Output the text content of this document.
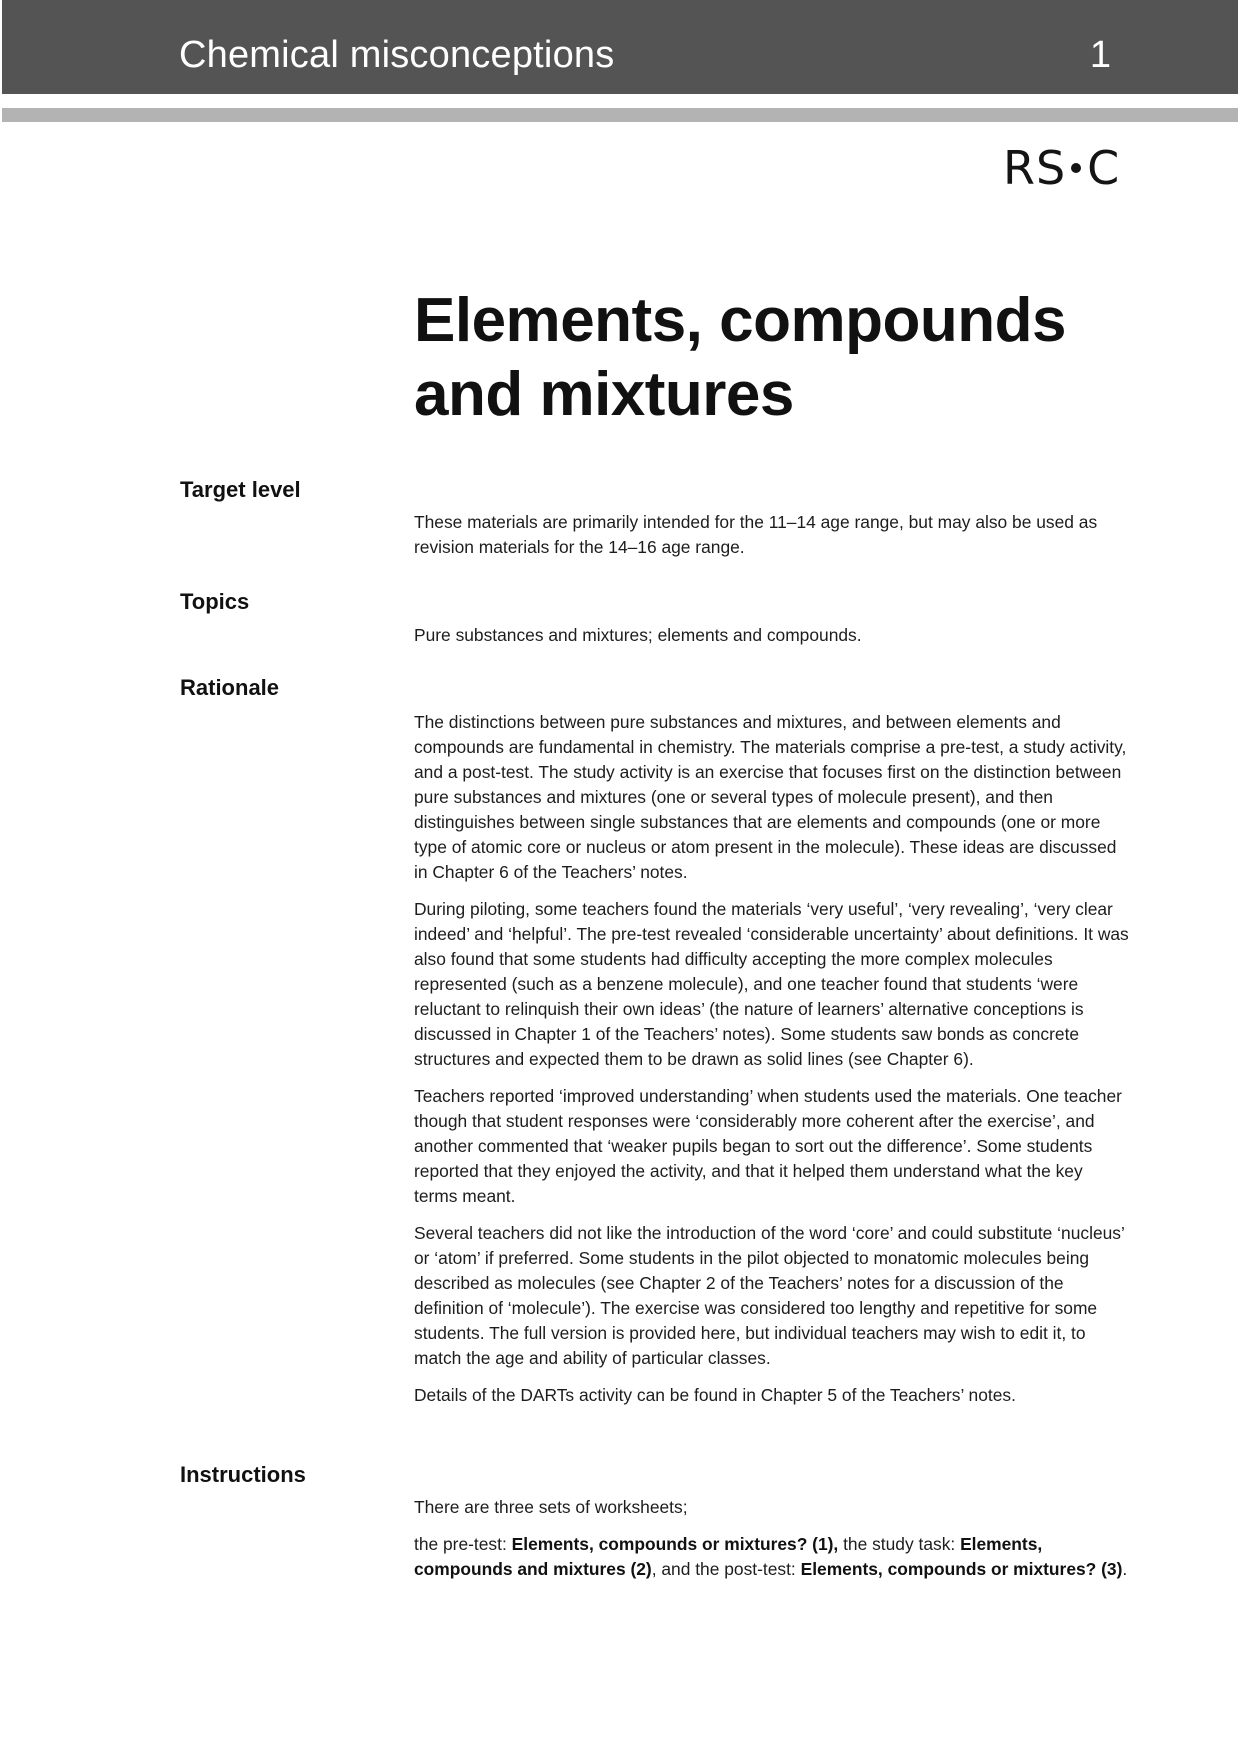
Chemical misconceptions	1
RS C
Elements, compounds
and mixtures
Target level

These materials are primarily intended for the 11–14 age range, but may also be used as revision materials for the 14–16 age range.

Topics

Pure substances and mixtures; elements and compounds.

Rationale

The distinctions between pure substances and mixtures, and between elements and compounds are fundamental in chemistry. The materials comprise a pre-test, a study activity, and a post-test. The study activity is an exercise that focuses first on the distinction between pure substances and mixtures (one or several types of molecule present), and then distinguishes between single substances that are elements and compounds (one or more type of atomic core or nucleus or atom present in the molecule). These ideas are discussed in Chapter 6 of the Teachers’ notes.

During piloting, some teachers found the materials ‘very useful’, ‘very revealing’, ‘very clear indeed’ and ‘helpful’. The pre-test revealed ‘considerable uncertainty’ about definitions. It was also found that some students had difficulty accepting the more complex molecules represented (such as a benzene molecule), and one teacher found that students ‘were reluctant to relinquish their own ideas’ (the nature of learners’ alternative conceptions is discussed in Chapter 1 of the Teachers’ notes). Some students saw bonds as concrete structures and expected them to be drawn as solid lines (see Chapter 6).

Teachers reported ‘improved understanding’ when students used the materials. One teacher though that student responses were ‘considerably more coherent after the exercise’, and another commented that ‘weaker pupils began to sort out the difference’. Some students reported that they enjoyed the activity, and that it helped them understand what the key terms meant.

Several teachers did not like the introduction of the word ‘core’ and could substitute ‘nucleus’ or ‘atom’ if preferred. Some students in the pilot objected to monatomic molecules being described as molecules (see Chapter 2 of the Teachers’ notes for a discussion of the definition of ‘molecule’). The exercise was considered too lengthy and repetitive for some students. The full version is provided here, but individual teachers may wish to edit it, to match the age and ability of particular classes.

Details of the DARTs activity can be found in Chapter 5 of the Teachers’ notes.

Instructions

There are three sets of worksheets;

the pre-test: Elements, compounds or mixtures? (1), the study task: Elements, compounds and mixtures (2), and the post-test: Elements, compounds or mixtures? (3).
